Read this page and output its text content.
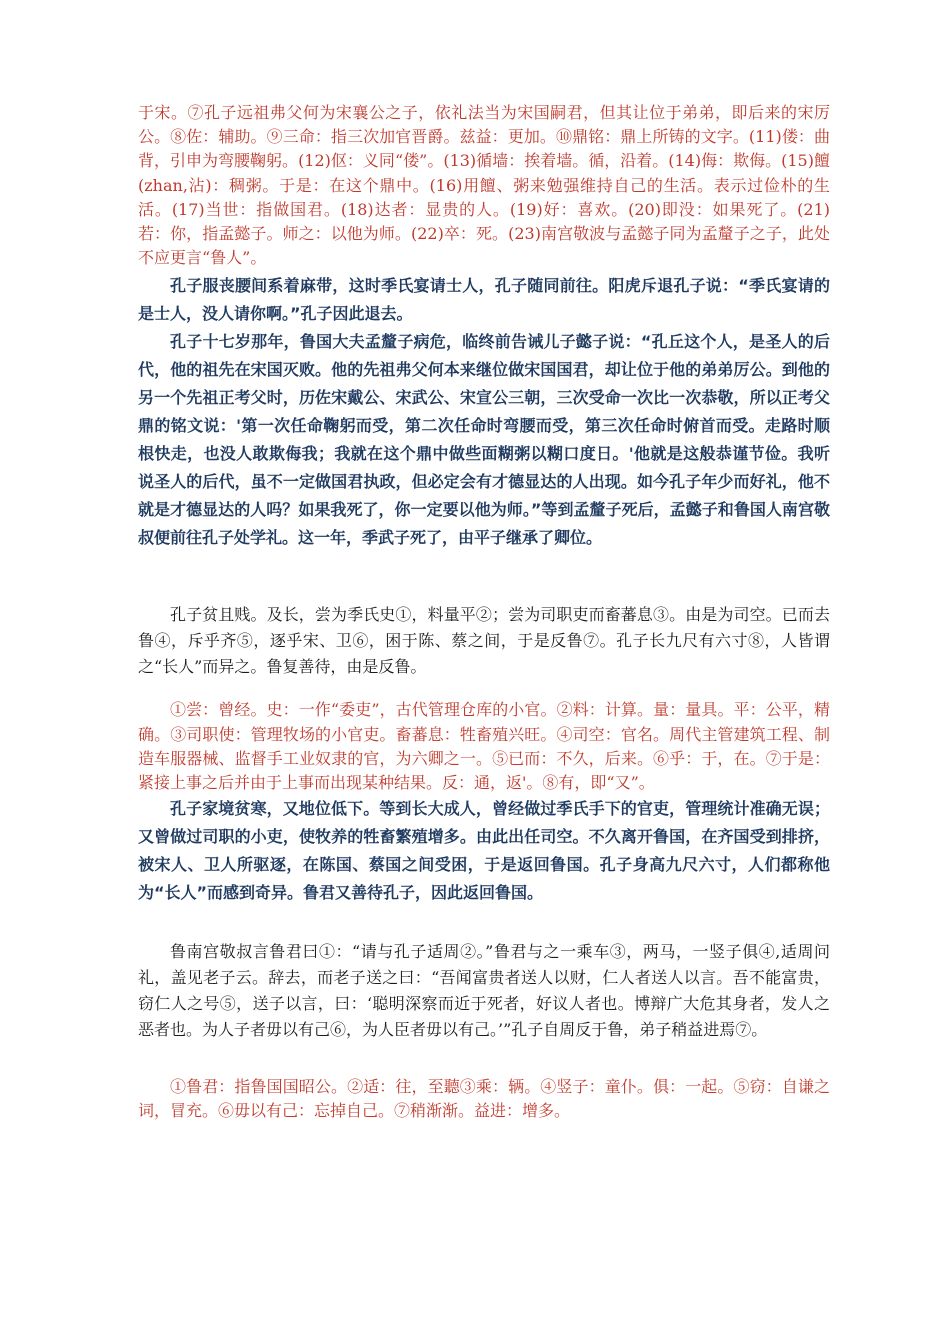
于宋。⑦孔子远祖弗父何为宋襄公之子，依礼法当为宋国嗣君，但其让位于弟弟，即后来的宋厉公。⑧佐：辅助。⑨三命：指三次加官晋爵。兹益：更加。⑩鼎铭：鼎上所铸的文字。(11)偻：曲背，引申为弯腰鞠躬。(12)伛：义同“偻”。(13)循墙：挨着墙。循，沿着。(14)侮：欺侮。(15)饘(zhan,沾)：稠粥。于是：在这个鼎中。(16)用饘、粥来勉强维持自己的生活。表示过俭朴的生活。(17)当世：指做国君。(18)达者：显贵的人。(19)好：喜欢。(20)即没：如果死了。(21)若：你，指孟懿子。师之：以他为师。(22)卒：死。(23)南宫敬波与孟懿子同为孟釐子之子，此处不应更言“鲁人”。

孔子服丧腰间系着麻带，这时季氏宴请士人，孔子随同前往。阳虎斥退孔子说：“季氏宴请的是士人，没人请你啊。”孔子因此退去。

孔子十七岁那年，鲁国大夫孟釐子病危，临终前告诫儿子懿子说：“孔丘这个人，是圣人的后代，他的祖先在宋国灭败。他的先祖弗父何本来继位做宋国国君，却让位于他的弟弟厉公。到他的另一个先祖正考父时，历佐宋戴公、宋武公、宋宣公三朝，三次受命一次比一次恭敬，所以正考父鼎的铭文说：'第一次任命鞠躬而受，第二次任命时弯腰而受，第三次任命时俯首而受。走路时顺根快走，也没人敢欺侮我；我就在这个鼎中做些面糊粥以糊口度日。'他就是这般恭谨节俭。我听说圣人的后代，虽不一定做国君执政，但必定会有才德显达的人出现。如今孔子年少而好礼，他不就是才德显达的人吗？如果我死了，你一定要以他为师。”等到孟釐子死后，孟懿子和鲁国人南宫敬叔便前往孔子处学礼。这一年，季武子死了，由平子继承了卿位。

孔子贫且贱。及长，尝为季氏史①，料量平②；尝为司职吏而畜蕃息③。由是为司空。已而去鲁④，斥乎齐⑤，逐乎宋、卫⑥，困于陈、蔡之间，于是反鲁⑦。孔子长九尺有六寸⑧，人皆谓之“长人”而异之。鲁复善待，由是反鲁。

①尝：曾经。史：一作“委吏”，古代管理仓库的小官。②料：计算。量：量具。平：公平，精确。③司职使：管理牧场的小官吏。畜蕃息：牲畜殖兴旺。④司空：官名。周代主管建筑工程、制造车服器械、监督手工业奴隶的官，为六卿之一。⑤已而：不久，后来。⑥乎：于，在。⑦于是：紧接上事之后并由于上事而出现某种结果。反：通，返'。⑧有，即“又”。

孔子家境贫寒，又地位低下。等到长大成人，曾经做过季氏手下的官吏，管理统计准确无误；又曾做过司职的小吏，使牧养的牲畜繁殖增多。由此出任司空。不久离开鲁国，在齐国受到排挤，被宋人、卫人所驱逐，在陈国、蔡国之间受困，于是返回鲁国。孔子身高九尺六寸，人们都称他为“长人”而感到奇异。鲁君又善待孔子，因此返回鲁国。

鲁南宫敬叔言鲁君曰①：“请与孔子适周②。”鲁君与之一乘车③，两马，一竖子俱④,适周问礼，盖见老子云。辞去，而老子送之曰：“吾闻富贵者送人以财，仁人者送人以言。吾不能富贵，窃仁人之号⑤，送子以言，曰：‘聪明深察而近于死者，好议人者也。博辩广大危其身者，发人之恶者也。为人子者毋以有己⑥，为人臣者毋以有己。’”孔子自周反于鲁，弟子稍益进焉⑦。

①鲁君：指鲁国国昭公。②适：往，至聽③乘：辆。④竖子：童仆。俱：一起。⑤窃：自谦之词，冒充。⑥毋以有己：忘掉自己。⑦稍渐渐。益进：增多。
